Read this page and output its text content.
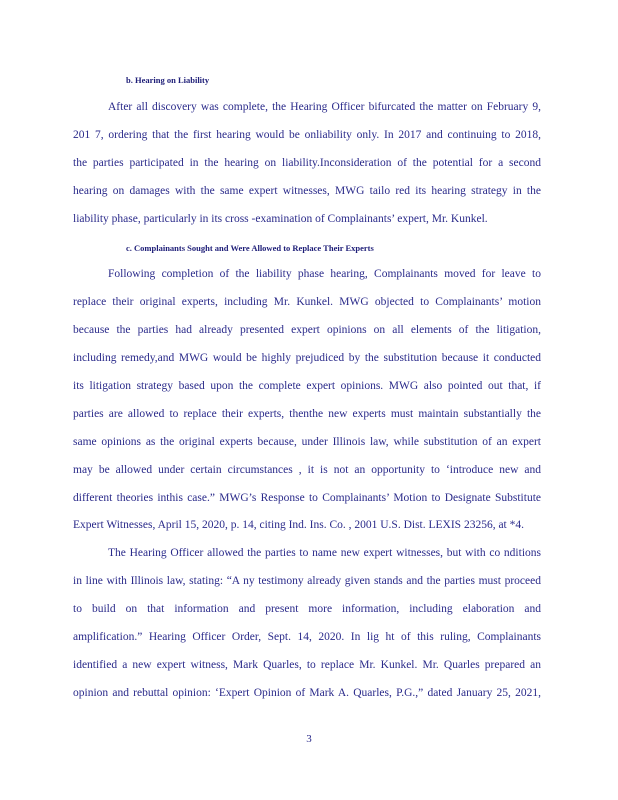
b. Hearing on Liability
After all discovery was complete, the Hearing Officer bifurcated the matter on February 9,
201 7, ordering that the first hearing would be onliability only. In 2017 and continuing to 2018,
the parties participated in the hearing on liability.Inconsideration of the potential for a second
hearing on damages with the same expert witnesses, MWG tailo red its hearing strategy in the
liability phase, particularly in its cross -examination of Complainants’ expert, Mr. Kunkel.
c. Complainants Sought and Were Allowed to Replace Their Experts
Following completion of the liability phase hearing, Complainants moved for leave to
replace their original experts, including Mr. Kunkel. MWG objected to Complainants’ motion
because the parties had already presented expert opinions on all elements of the litigation,
including remedy,and MWG would be highly prejudiced by the substitution because it conducted
its litigation strategy based upon the complete expert opinions. MWG also pointed out that, if
parties are allowed to replace their experts, thenthe new experts must maintain substantially the
same opinions as the original experts because, under Illinois law, while substitution of an expert
may be allowed under certain circumstances , it is not an opportunity to ‘introduce new and
different theories inthis case.” MWG’s Response to Complainants’ Motion to Designate Substitute
Expert Witnesses, April 15, 2020, p. 14, citing Ind. Ins. Co. , 2001 U.S. Dist. LEXIS 23256, at *4.
The Hearing Officer allowed the parties to name new expert witnesses, but with co nditions
in line with Illinois law, stating: “A ny testimony already given stands and the parties must proceed
to build on that information and present more information, including elaboration and
amplification.” Hearing Officer Order, Sept. 14, 2020. In lig ht of this ruling, Complainants
identified a new expert witness, Mark Quarles, to replace Mr. Kunkel. Mr. Quarles prepared an
opinion and rebuttal opinion: ‘Expert Opinion of Mark A. Quarles, P.G.,” dated January 25, 2021,
3
